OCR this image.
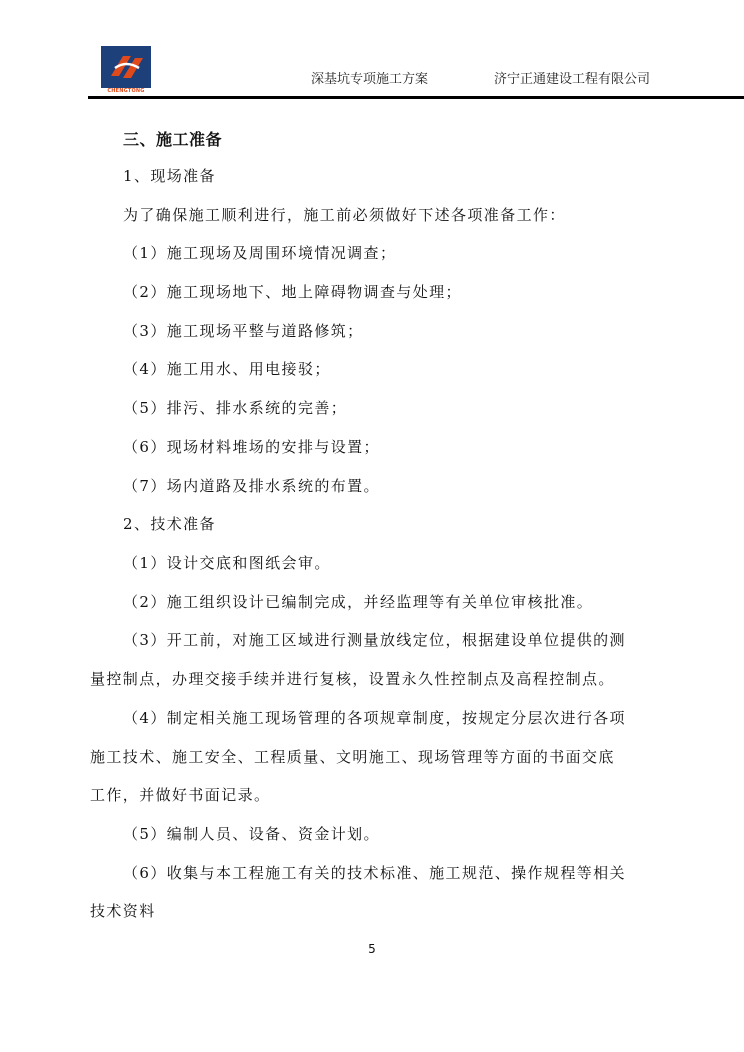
CHENGTONG
深基坑专项施工方案	济宁正通建设工程有限公司
三、施工准备
1、现场准备
为了确保施工顺利进行，施工前必须做好下述各项准备工作：
（1）施工现场及周围环境情况调查；
（2）施工现场地下、地上障碍物调查与处理；
（3）施工现场平整与道路修筑；
（4）施工用水、用电接驳；
（5）排污、排水系统的完善；
（6）现场材料堆场的安排与设置；
（7）场内道路及排水系统的布置。
2、技术准备
（1）设计交底和图纸会审。
（2）施工组织设计已编制完成，并经监理等有关单位审核批准。
（3）开工前，对施工区域进行测量放线定位，根据建设单位提供的测
量控制点，办理交接手续并进行复核，设置永久性控制点及高程控制点。
（4）制定相关施工现场管理的各项规章制度，按规定分层次进行各项
施工技术、施工安全、工程质量、文明施工、现场管理等方面的书面交底
工作，并做好书面记录。
（5）编制人员、设备、资金计划。
（6）收集与本工程施工有关的技术标准、施工规范、操作规程等相关
技术资料
5
